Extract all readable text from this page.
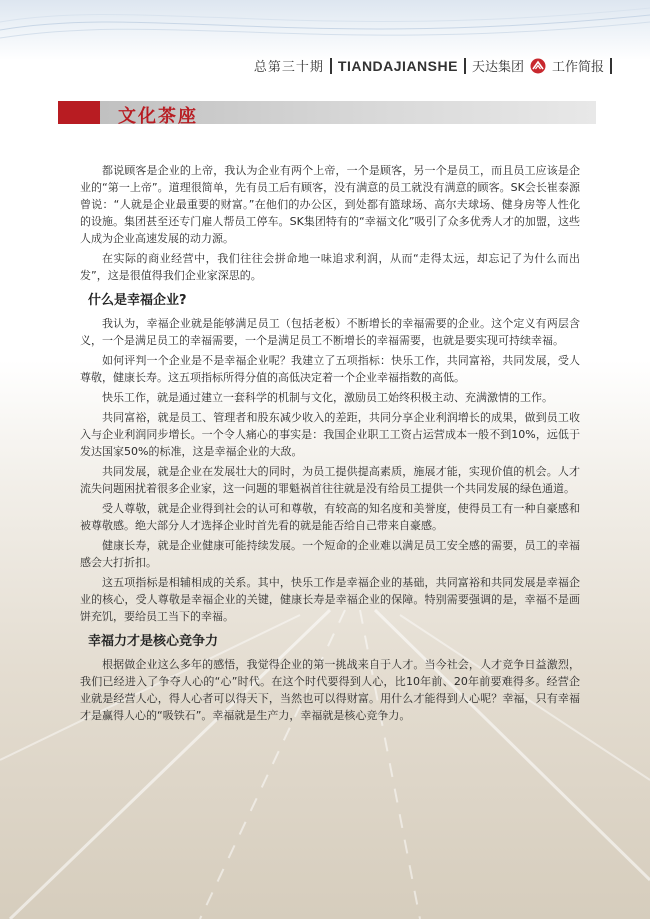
总第三十期 TIANDAJIANSHE 天达集团 工作简报
文化茶座

都说顾客是企业的上帝，我认为企业有两个上帝，一个是顾客，另一个是员工，而且员工应该是企业的“第一上帝”。道理很简单，先有员工后有顾客，没有满意的员工就没有满意的顾客。SK会长崔泰源曾说：“人就是企业最重要的财富。”在他们的办公区，到处都有篮球场、高尔夫球场、健身房等人性化的设施。集团甚至还专门雇人帮员工停车。SK集团特有的“幸福文化”吸引了众多优秀人才的加盟，这些人成为企业高速发展的动力源。

在实际的商业经营中，我们往往会拼命地一味追求利润，从而“走得太远，却忘记了为什么而出发”，这是很值得我们企业家深思的。

什么是幸福企业?

我认为，幸福企业就是能够满足员工（包括老板）不断增长的幸福需要的企业。这个定义有两层含义，一个是满足员工的幸福需要，一个是满足员工不断增长的幸福需要，也就是要实现可持续幸福。

如何评判一个企业是不是幸福企业呢？我建立了五项指标：快乐工作，共同富裕，共同发展，受人尊敬，健康长寿。这五项指标所得分值的高低决定着一个企业幸福指数的高低。

快乐工作，就是通过建立一套科学的机制与文化，激励员工始终积极主动、充满激情的工作。

共同富裕，就是员工、管理者和股东减少收入的差距，共同分享企业利润增长的成果，做到员工收入与企业利润同步增长。一个令人痛心的事实是：我国企业职工工资占运营成本一般不到10%，远低于发达国家50%的标准，这是幸福企业的大敌。

共同发展，就是企业在发展壮大的同时，为员工提供提高素质，施展才能，实现价值的机会。人才流失问题困扰着很多企业家，这一问题的罪魁祸首往往就是没有给员工提供一个共同发展的绿色通道。

受人尊敬，就是企业得到社会的认可和尊敬，有较高的知名度和美誉度，使得员工有一种自豪感和被尊敬感。绝大部分人才选择企业时首先看的就是能否给自己带来自豪感。

健康长寿，就是企业健康可能持续发展。一个短命的企业难以满足员工安全感的需要，员工的幸福感会大打折扣。

这五项指标是相辅相成的关系。其中，快乐工作是幸福企业的基础，共同富裕和共同发展是幸福企业的核心，受人尊敬是幸福企业的关键，健康长寿是幸福企业的保障。特别需要强调的是，幸福不是画饼充饥，要给员工当下的幸福。

幸福力才是核心竞争力

根据做企业这么多年的感悟，我觉得企业的第一挑战来自于人才。当今社会，人才竞争日益激烈，我们已经进入了争夺人心的“心”时代。在这个时代要得到人心，比10年前、20年前要难得多。经营企业就是经营人心，得人心者可以得天下，当然也可以得财富。用什么才能得到人心呢？幸福，只有幸福才是赢得人心的“吸铁石”。幸福就是生产力，幸福就是核心竞争力。
